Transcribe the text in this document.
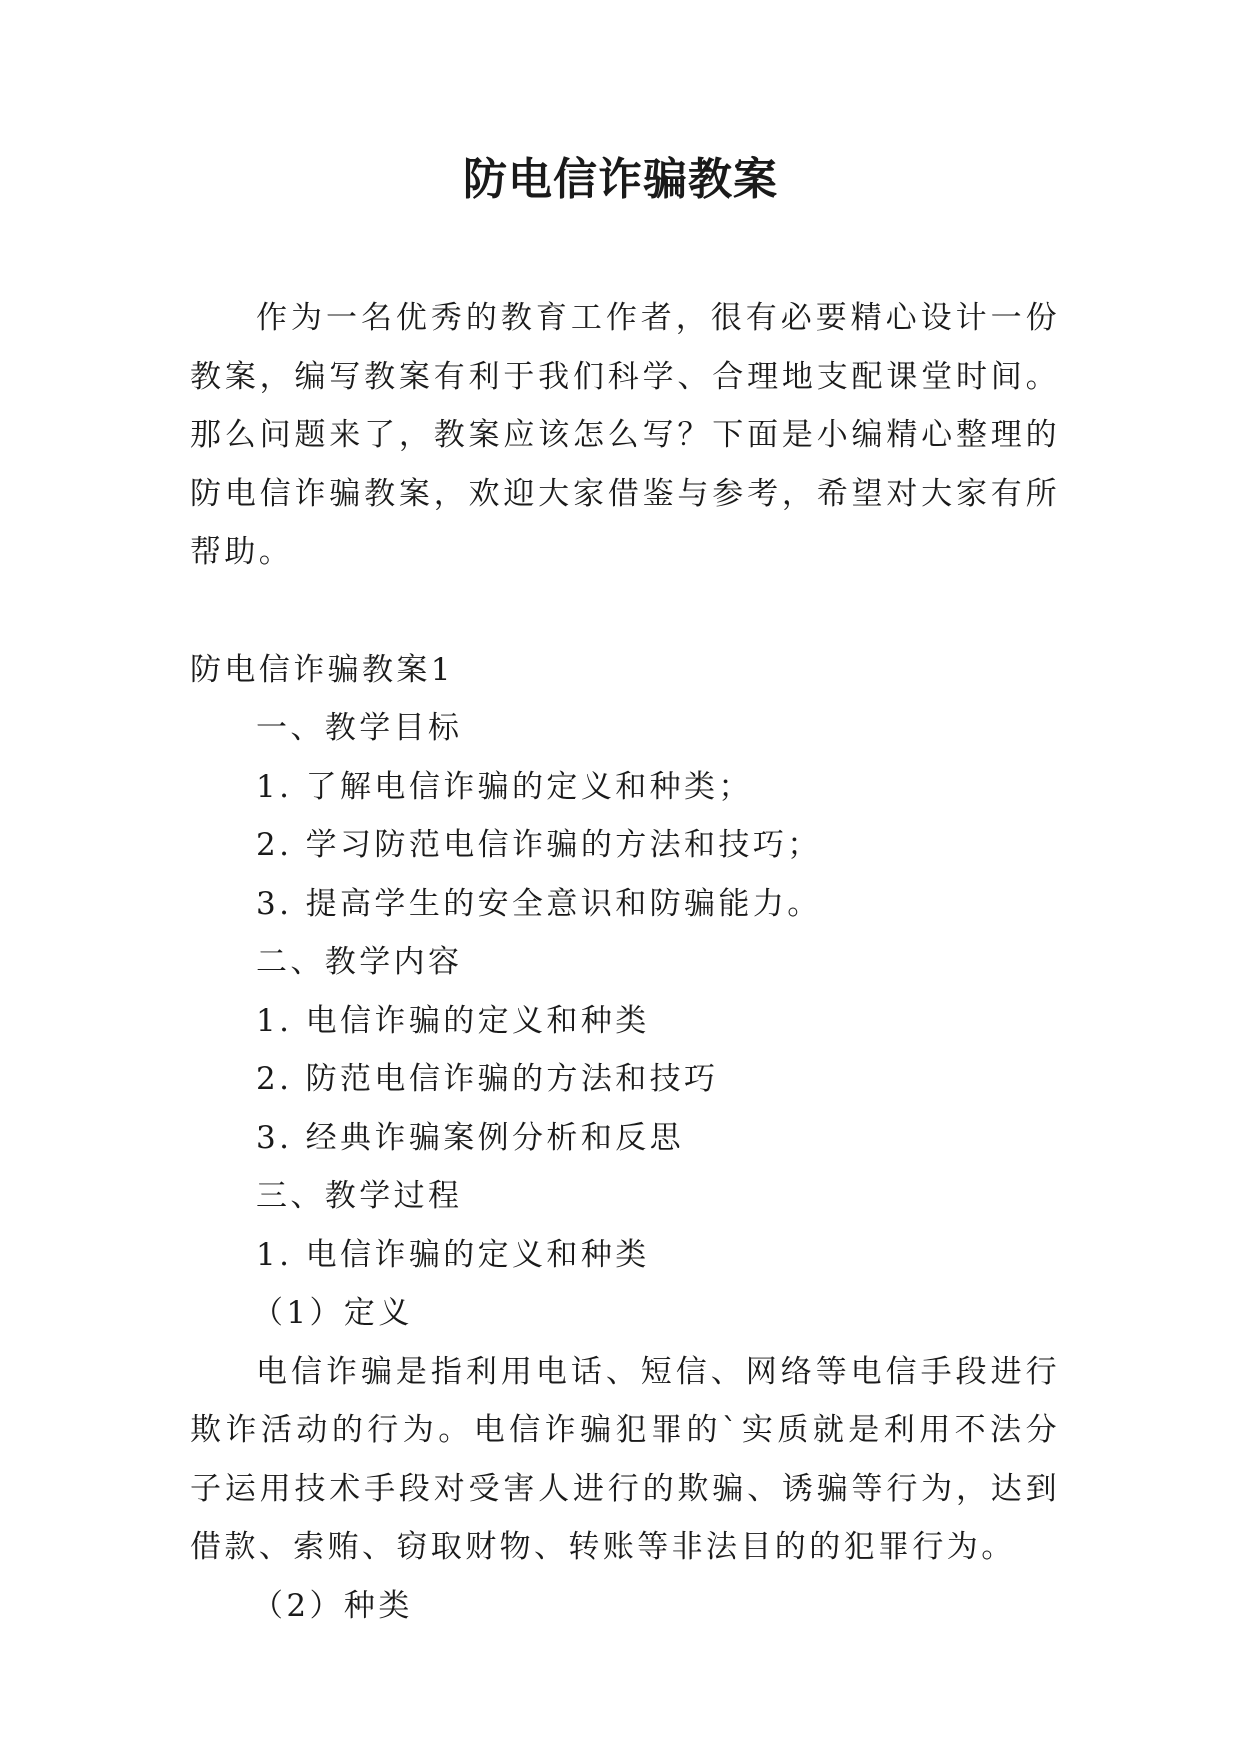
防电信诈骗教案

作为一名优秀的教育工作者，很有必要精心设计一份教案，编写教案有利于我们科学、合理地支配课堂时间。那么问题来了，教案应该怎么写？下面是小编精心整理的防电信诈骗教案，欢迎大家借鉴与参考，希望对大家有所帮助。

防电信诈骗教案1

一、教学目标

1. 了解电信诈骗的定义和种类；

2. 学习防范电信诈骗的方法和技巧；

3. 提高学生的安全意识和防骗能力。

二、教学内容

1. 电信诈骗的定义和种类

2. 防范电信诈骗的方法和技巧

3. 经典诈骗案例分析和反思

三、教学过程

1. 电信诈骗的定义和种类

（1）定义

电信诈骗是指利用电话、短信、网络等电信手段进行欺诈活动的行为。电信诈骗犯罪的`实质就是利用不法分子运用技术手段对受害人进行的欺骗、诱骗等行为，达到借款、索贿、窃取财物、转账等非法目的的犯罪行为。

（2）种类
